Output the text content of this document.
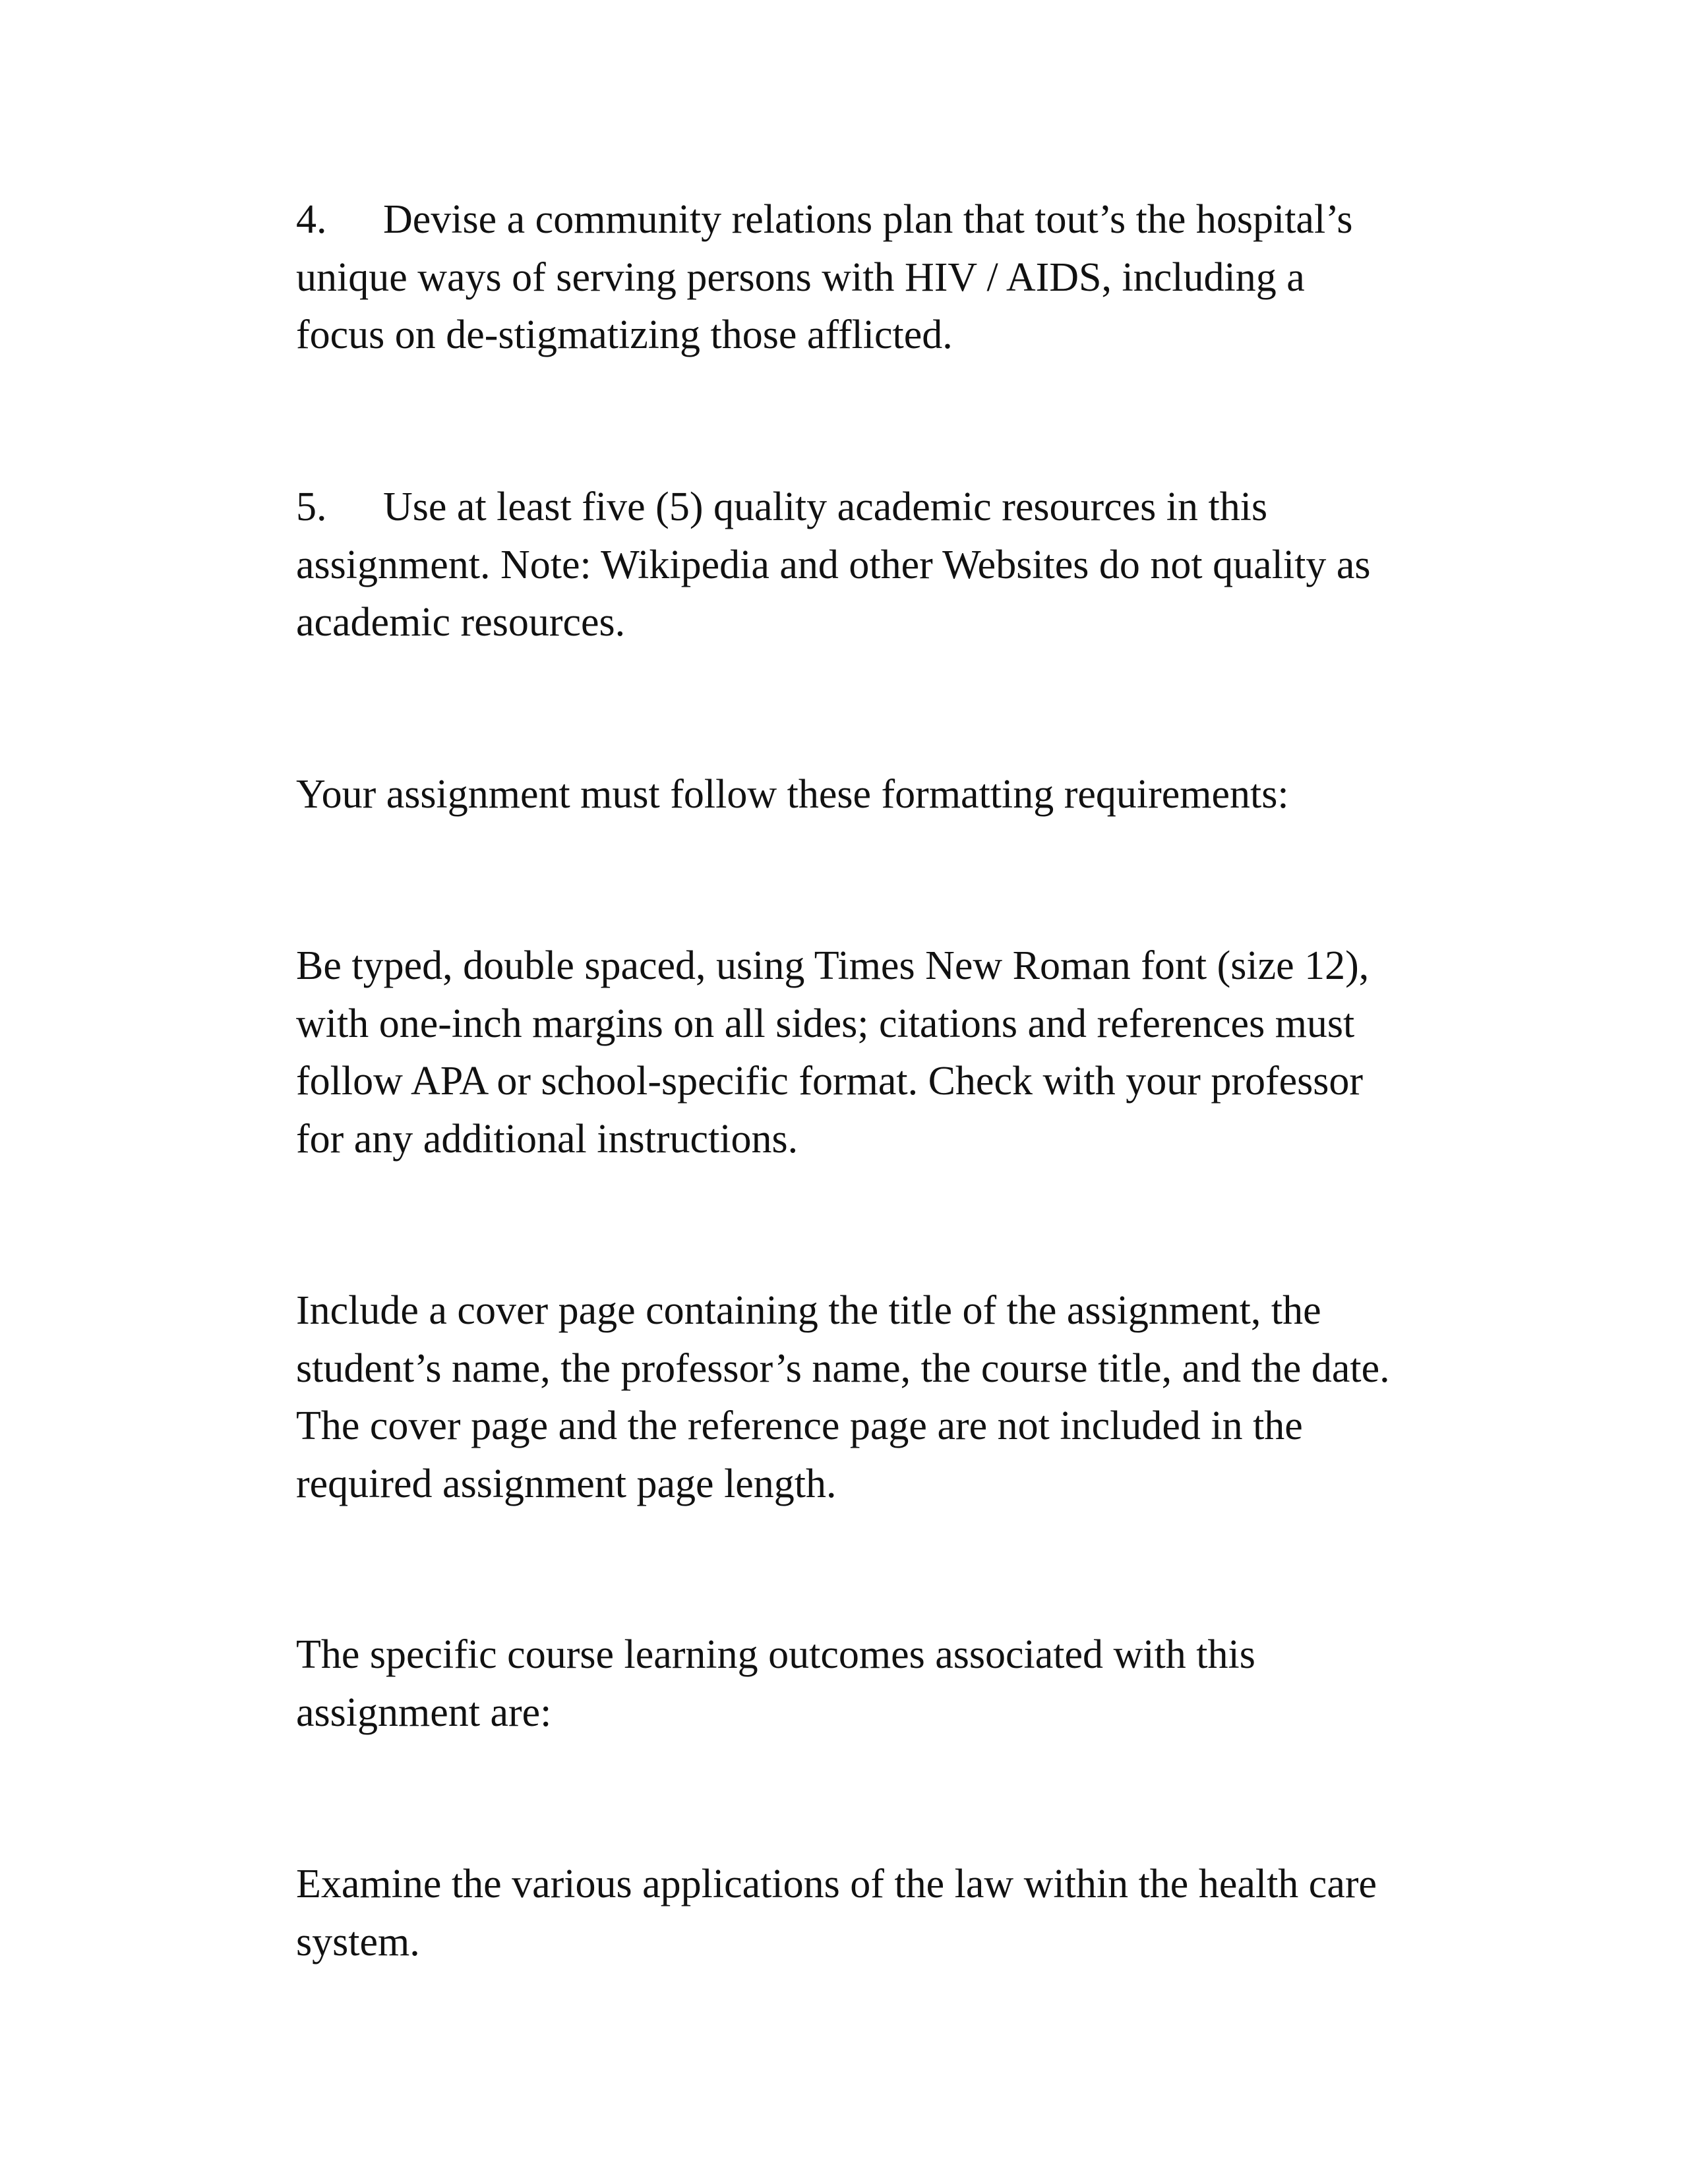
4. Devise a community relations plan that tout’s the hospital’s
unique ways of serving persons with HIV / AIDS, including a
focus on de-stigmatizing those afflicted.

5. Use at least five (5) quality academic resources in this
assignment. Note: Wikipedia and other Websites do not quality as
academic resources.

Your assignment must follow these formatting requirements:

Be typed, double spaced, using Times New Roman font (size 12),
with one-inch margins on all sides; citations and references must
follow APA or school-specific format. Check with your professor
for any additional instructions.

Include a cover page containing the title of the assignment, the
student’s name, the professor’s name, the course title, and the date.
The cover page and the reference page are not included in the
required assignment page length.

The specific course learning outcomes associated with this
assignment are:

Examine the various applications of the law within the health care
system.
